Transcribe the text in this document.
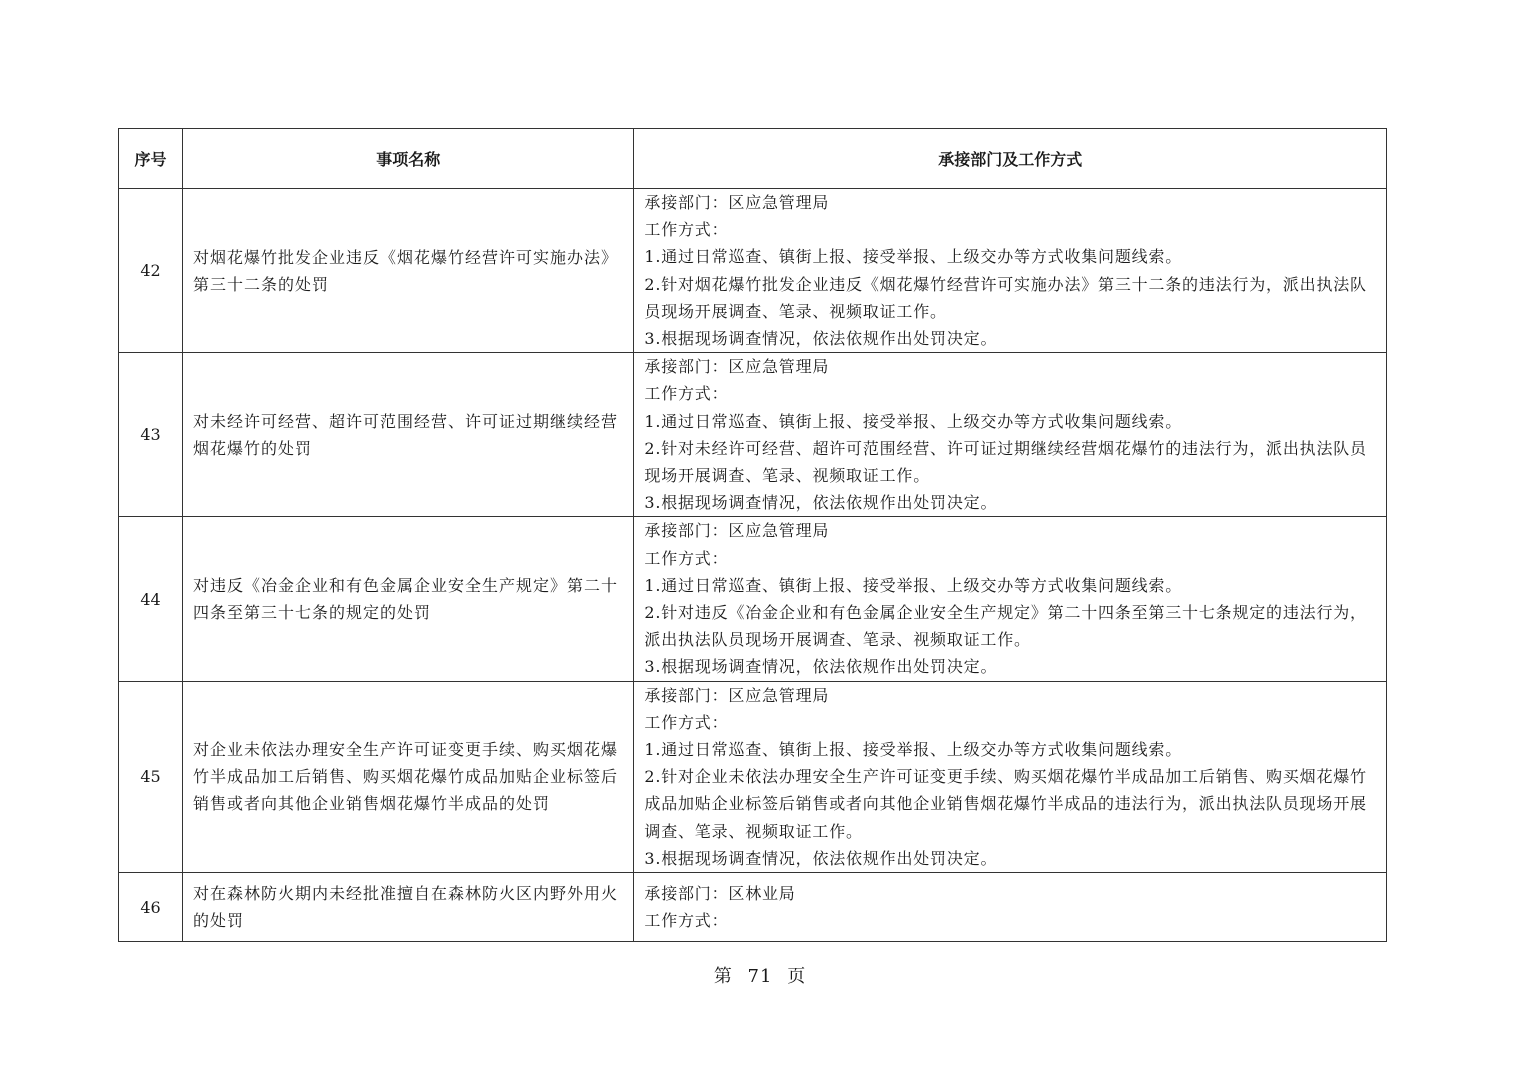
序号	事项名称	承接部门及工作方式
42	对烟花爆竹批发企业违反《烟花爆竹经营许可实施办法》第三十二条的处罚	承接部门：区应急管理局
工作方式：
1.通过日常巡查、镇街上报、接受举报、上级交办等方式收集问题线索。
2.针对烟花爆竹批发企业违反《烟花爆竹经营许可实施办法》第三十二条的违法行为，派出执法队员现场开展调查、笔录、视频取证工作。
3.根据现场调查情况，依法依规作出处罚决定。

43	对未经许可经营、超许可范围经营、许可证过期继续经营烟花爆竹的处罚	承接部门：区应急管理局
工作方式：
1.通过日常巡查、镇街上报、接受举报、上级交办等方式收集问题线索。
2.针对未经许可经营、超许可范围经营、许可证过期继续经营烟花爆竹的违法行为，派出执法队员现场开展调查、笔录、视频取证工作。
3.根据现场调查情况，依法依规作出处罚决定。

44	对违反《冶金企业和有色金属企业安全生产规定》第二十四条至第三十七条的规定的处罚	承接部门：区应急管理局
工作方式：
1.通过日常巡查、镇街上报、接受举报、上级交办等方式收集问题线索。
2.针对违反《冶金企业和有色金属企业安全生产规定》第二十四条至第三十七条规定的违法行为，派出执法队员现场开展调查、笔录、视频取证工作。
3.根据现场调查情况，依法依规作出处罚决定。

45	对企业未依法办理安全生产许可证变更手续、购买烟花爆竹半成品加工后销售、购买烟花爆竹成品加贴企业标签后销售或者向其他企业销售烟花爆竹半成品的处罚	承接部门：区应急管理局
工作方式：
1.通过日常巡查、镇街上报、接受举报、上级交办等方式收集问题线索。
2.针对企业未依法办理安全生产许可证变更手续、购买烟花爆竹半成品加工后销售、购买烟花爆竹成品加贴企业标签后销售或者向其他企业销售烟花爆竹半成品的违法行为，派出执法队员现场开展调查、笔录、视频取证工作。
3.根据现场调查情况，依法依规作出处罚决定。

46	对在森林防火期内未经批准擅自在森林防火区内野外用火的处罚	承接部门：区林业局
工作方式：
第 71 页
